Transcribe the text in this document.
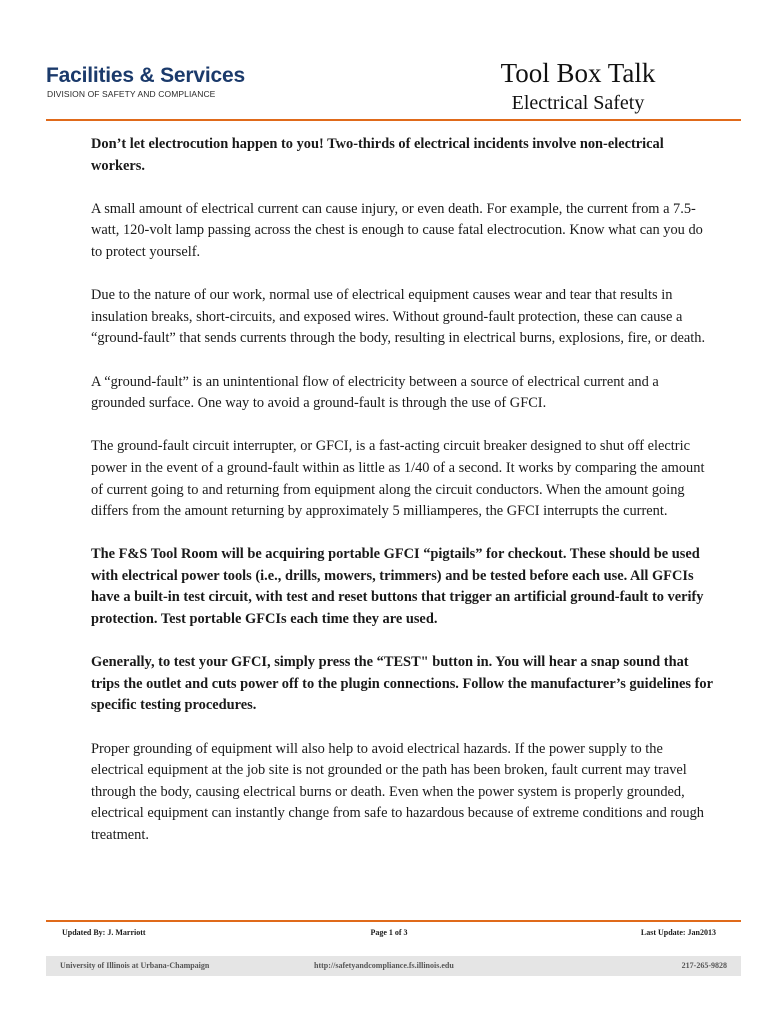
Facilities & Services
DIVISION OF SAFETY AND COMPLIANCE
Tool Box Talk
Electrical Safety

Don’t let electrocution happen to you! Two-thirds of electrical incidents involve non-electrical workers.

A small amount of electrical current can cause injury, or even death. For example, the current from a 7.5-watt, 120-volt lamp passing across the chest is enough to cause fatal electrocution. Know what can you do to protect yourself.

Due to the nature of our work, normal use of electrical equipment causes wear and tear that results in insulation breaks, short-circuits, and exposed wires. Without ground-fault protection, these can cause a “ground-fault” that sends currents through the body, resulting in electrical burns, explosions, fire, or death.

A “ground-fault” is an unintentional flow of electricity between a source of electrical current and a grounded surface. One way to avoid a ground-fault is through the use of GFCI.

The ground-fault circuit interrupter, or GFCI, is a fast-acting circuit breaker designed to shut off electric power in the event of a ground-fault within as little as 1/40 of a second. It works by comparing the amount of current going to and returning from equipment along the circuit conductors. When the amount going differs from the amount returning by approximately 5 milliamperes, the GFCI interrupts the current.

The F&S Tool Room will be acquiring portable GFCI “pigtails” for checkout. These should be used with electrical power tools (i.e., drills, mowers, trimmers) and be tested before each use. All GFCIs have a built-in test circuit, with test and reset buttons that trigger an artificial ground-fault to verify protection. Test portable GFCIs each time they are used.

Generally, to test your GFCI, simply press the “TEST" button in. You will hear a snap sound that trips the outlet and cuts power off to the plugin connections. Follow the manufacturer’s guidelines for specific testing procedures.

Proper grounding of equipment will also help to avoid electrical hazards. If the power supply to the electrical equipment at the job site is not grounded or the path has been broken, fault current may travel through the body, causing electrical burns or death. Even when the power system is properly grounded, electrical equipment can instantly change from safe to hazardous because of extreme conditions and rough treatment.

Updated By: J. Marriott	Page 1 of 3	Last Update: Jan2013
University of Illinois at Urbana-Champaign	http://safetyandcompliance.fs.illinois.edu	217-265-9828
